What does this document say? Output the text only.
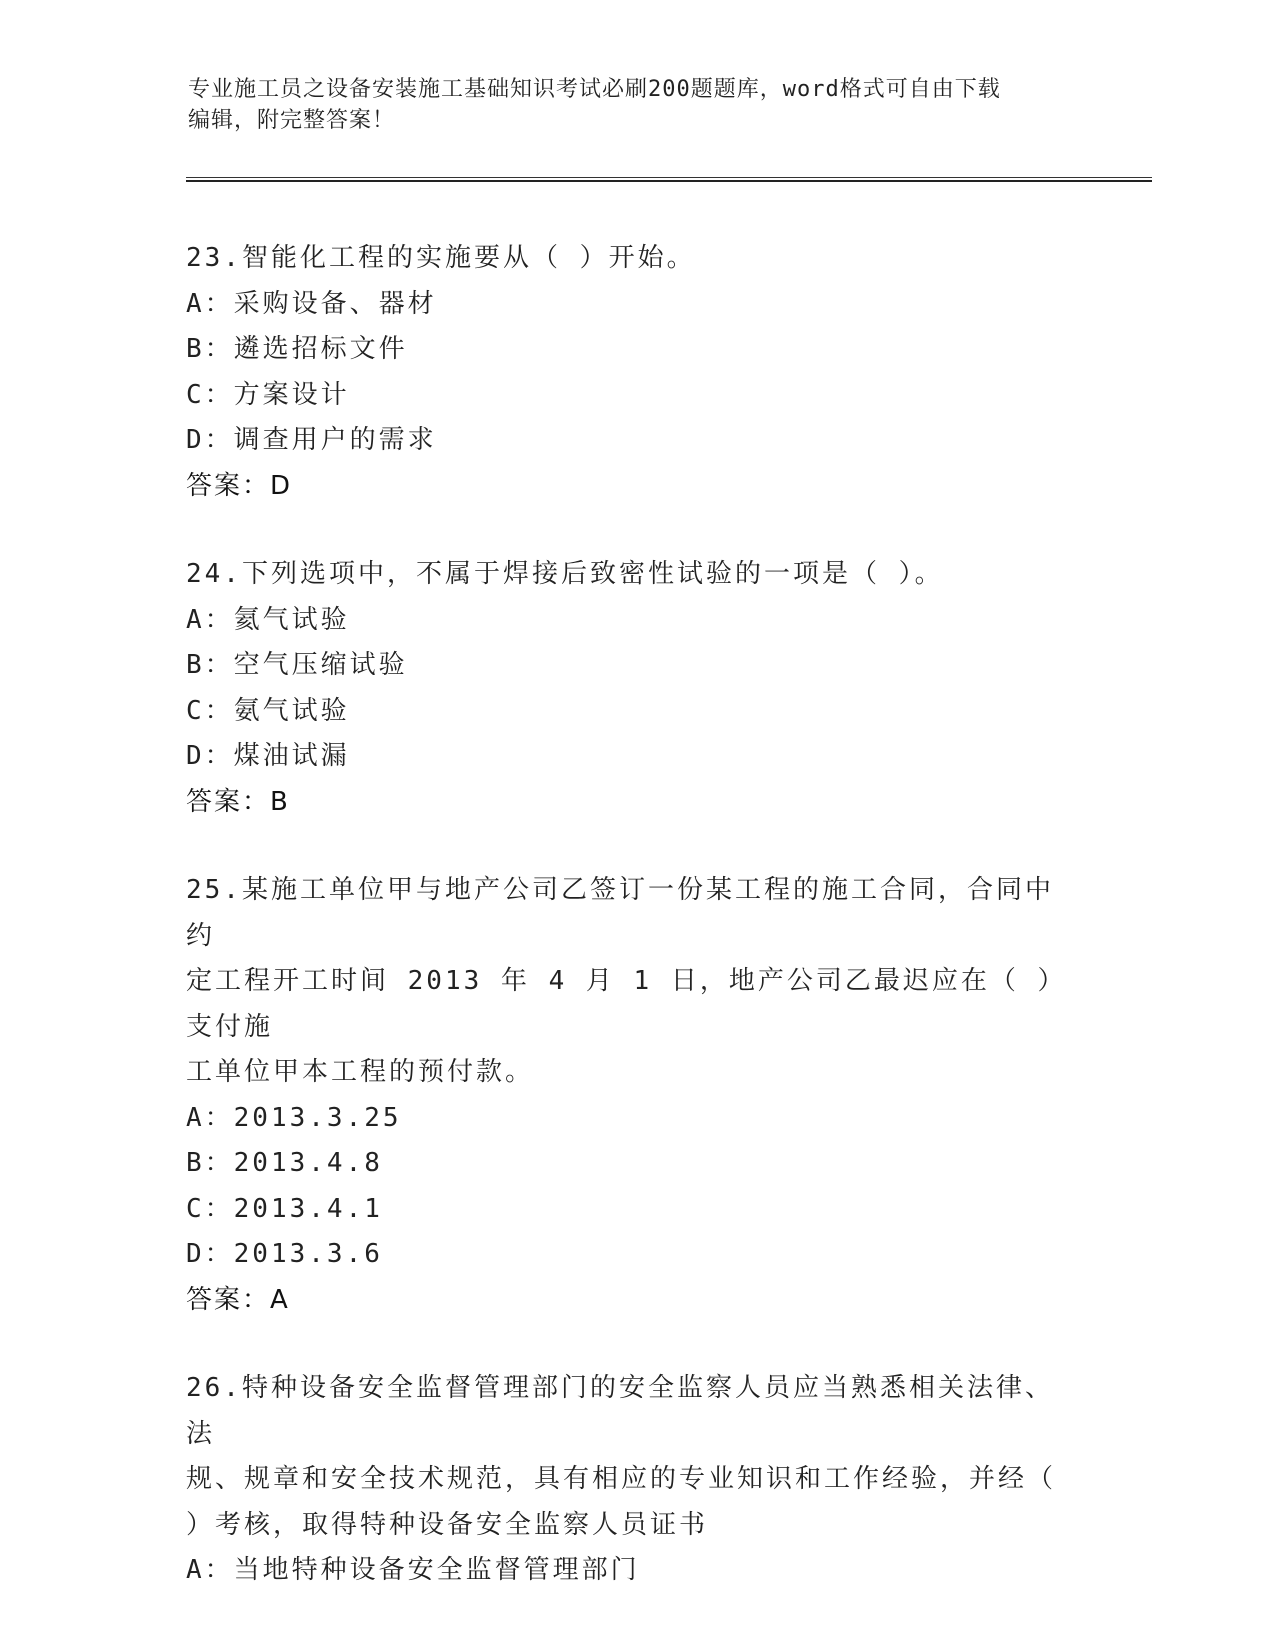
专业施工员之设备安装施工基础知识考试必刷200题题库，word格式可自由下载
编辑，附完整答案！
23.智能化工程的实施要从（ ）开始。
A：采购设备、器材
B：遴选招标文件
C：方案设计
D：调查用户的需求
答案：D
24.下列选项中，不属于焊接后致密性试验的一项是（ ）。
A：氦气试验
B：空气压缩试验
C：氨气试验
D：煤油试漏
答案：B
25.某施工单位甲与地产公司乙签订一份某工程的施工合同，合同中约
定工程开工时间 2013 年 4 月 1 日，地产公司乙最迟应在（ ）支付施
工单位甲本工程的预付款。
A：2013.3.25
B：2013.4.8
C：2013.4.1
D：2013.3.6
答案：A
26.特种设备安全监督管理部门的安全监察人员应当熟悉相关法律、法
规、规章和安全技术规范，具有相应的专业知识和工作经验，并经（
）考核，取得特种设备安全监察人员证书
A：当地特种设备安全监督管理部门
